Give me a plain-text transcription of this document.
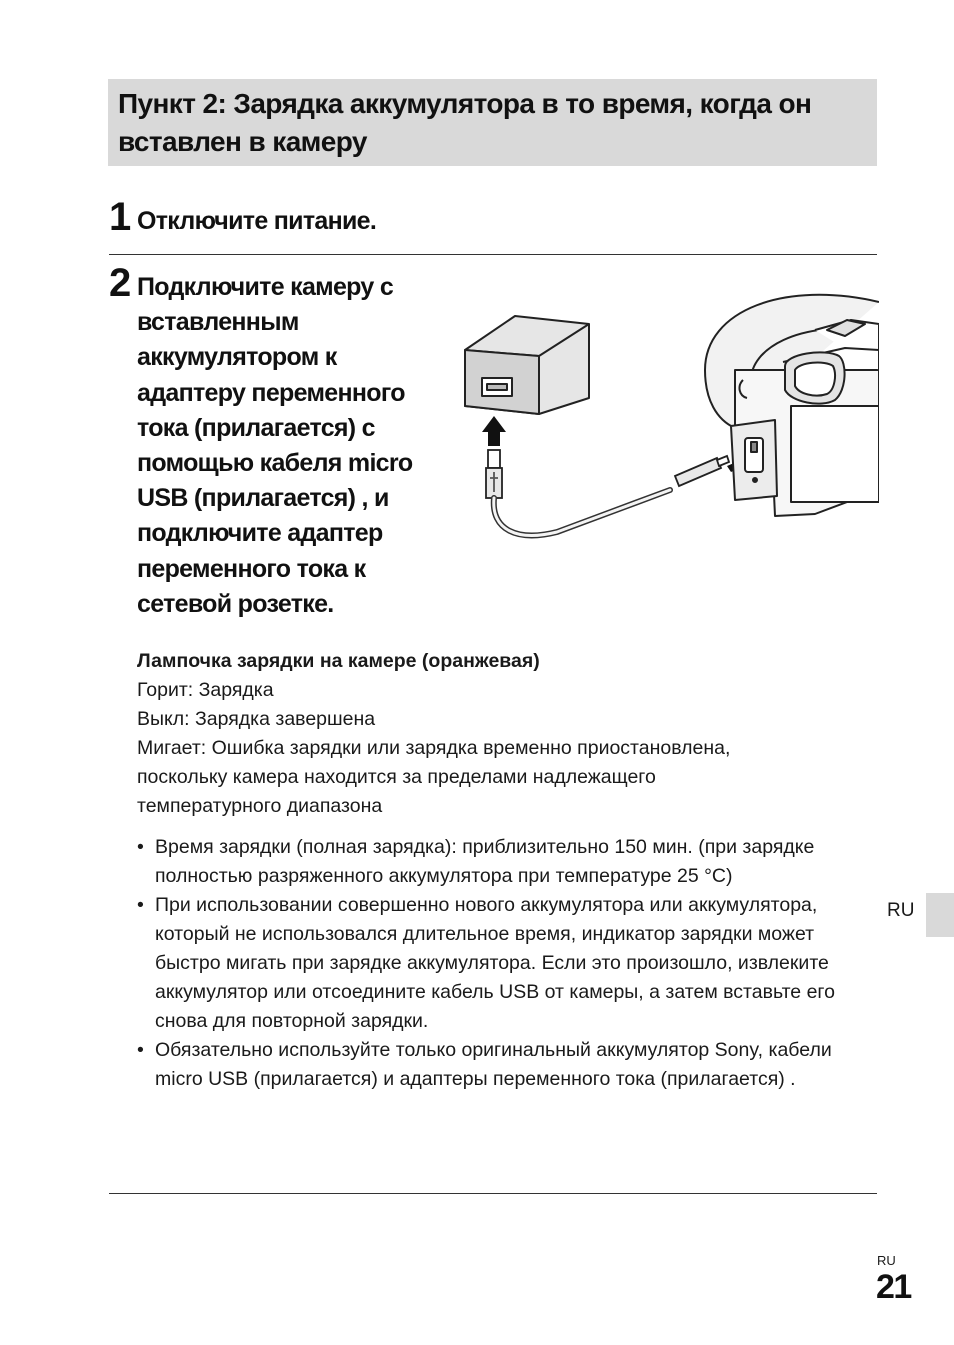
Пункт 2: Зарядка аккумулятора в то время, когда он вставлен в камеру
1 Отключите питание.
2 Подключите камеру с вставленным аккумулятором к адаптеру переменного тока (прилагается) с помощью кабеля micro USB (прилагается) , и подключите адаптер переменного тока к сетевой розетке.
Лампочка зарядки на камере (оранжевая)
Горит: Зарядка
Выкл: Зарядка завершена
Мигает: Ошибка зарядки или зарядка временно приостановлена,
поскольку камера находится за пределами надлежащего
температурного диапазона
• Время зарядки (полная зарядка): приблизительно 150 мин. (при зарядке полностью разряженного аккумулятора при температуре 25 °C)
• При использовании совершенно нового аккумулятора или аккумулятора, который не использовался длительное время, индикатор зарядки может быстро мигать при зарядке аккумулятора. Если это произошло, извлеките аккумулятор или отсоедините кабель USB от камеры, а затем вставьте его снова для повторной зарядки.
• Обязательно используйте только оригинальный аккумулятор Sony, кабели micro USB (прилагается) и адаптеры переменного тока (прилагается) .
RU
RU
21
